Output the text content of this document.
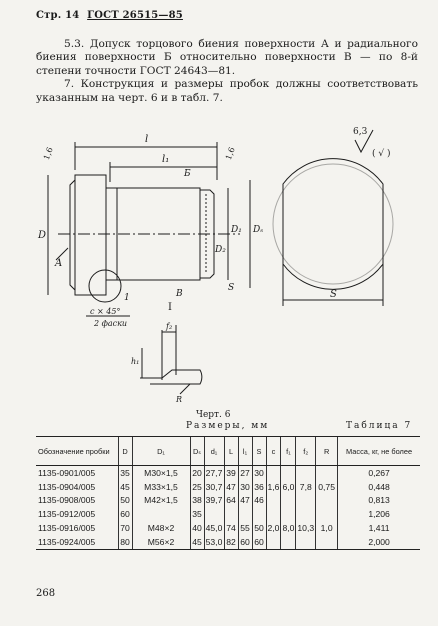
Стр. 14 ГОСТ 26515—85

5.3. Допуск торцового биения поверхности А и радиального биения поверхности Б относительно поверхности В — по 8-й степени точности ГОСТ 24643—81.

7. Конструкция и размеры пробок должны соответствовать указанным на черт. 6 и в табл. 7.

6,3
( √ )
l
l₁
1,6	1,6
D	D₁ Dₛ
D₂
A
Б
1	В
c × 45°
2 фаски
S
S
I
f₂
h₁
R
Черт. 6
Размеры, мм	Таблица 7
Обозначение пробки	D	D₁	Dₛ	d₁	L	l₁	S	c	f₁	f₂	R	Масса, кг, не более
1135-0901/005	35	M30×1,5	20	27,7	39	27	30					0,267
1135-0904/005	45	M33×1,5	25	30,7	47	30	36	1,6	6,0	7,8	0,75	0,448
1135-0908/005	50	M42×1,5	38	39,7	64	47	46					0,813
1135-0912/005	60		35									1,206
1135-0916/005	70	M48×2	40	45,0	74	55	50	2,0	8,0	10,3	1,0	1,411
1135-0924/005	80	M56×2	45	53,0	82	60	60					2,000
268
